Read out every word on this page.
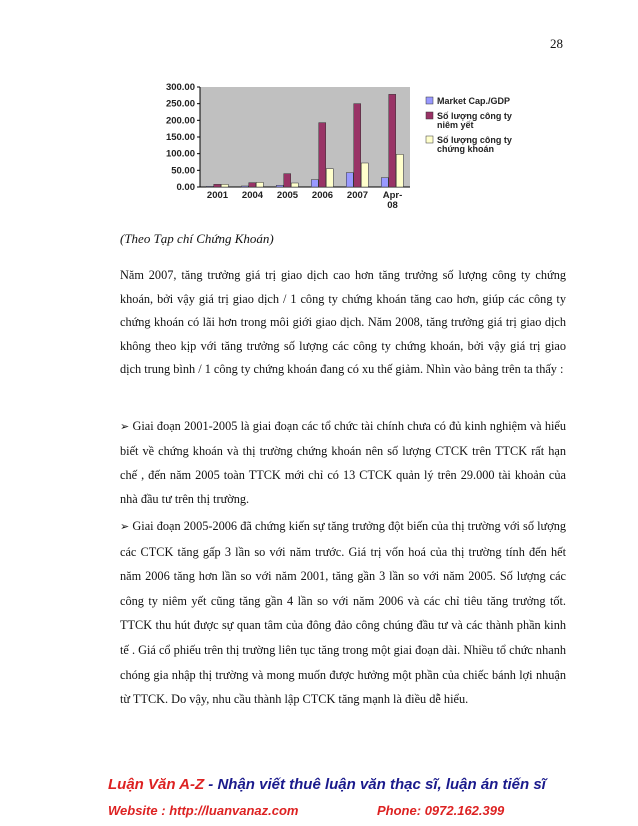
28
0.00
50.00
100.00
150.00
200.00
250.00
300.00
2001 2004 2005 2006 2007 Apr-
08
Market Cap./GDP
Số lượng công ty
niêm yết
Số lượng công ty
chứng khoán
(Theo Tạp chí Chứng Khoán)

Năm 2007, tăng trưởng giá trị giao dịch cao hơn tăng trưởng số lượng công ty chứng khoán, bởi vậy giá trị giao dịch / 1 công ty chứng khoán tăng cao hơn, giúp các công ty chứng khoán có lãi hơn trong môi giới giao dịch. Năm 2008, tăng trưởng giá trị giao dịch không theo kịp với tăng trưởng số lượng các công ty chứng khoán, bởi vậy giá trị giao dịch trung bình / 1 công ty chứng khoán đang có xu thế giảm. Nhìn vào bảng trên ta thấy :

➢ Giai đoạn 2001-2005 là giai đoạn các tổ chức tài chính chưa có đủ kinh nghiệm và hiểu biết về chứng khoán và thị trường chứng khoán nên số lượng CTCK trên TTCK rất hạn chế , đến năm 2005 toàn TTCK mới chỉ có 13 CTCK quản lý trên 29.000 tài khoản của nhà đầu tư trên thị trường.

➢ Giai đoạn 2005-2006 đã chứng kiến sự tăng trưởng đột biến của thị trường với số lượng các CTCK tăng gấp 3 lần so với năm trước. Giá trị vốn hoá của thị trường tính đến hết năm 2006 tăng hơn lần so với năm 2001, tăng gần 3 lần so với năm 2005. Số lượng các công ty niêm yết cũng tăng gần 4 lần so với năm 2006 và các chỉ tiêu tăng trưởng tốt. TTCK thu hút được sự quan tâm của đông đảo công chúng đầu tư và các thành phần kinh tế . Giá cổ phiếu trên thị trường liên tục tăng trong một giai đoạn dài. Nhiều tổ chức nhanh chóng gia nhập thị trường và mong muốn được hưởng một phần của chiếc bánh lợi nhuận từ TTCK. Do vậy, nhu cầu thành lập CTCK tăng mạnh là điều dễ hiểu.

Luận Văn A-Z - Nhận viết thuê luận văn thạc sĩ, luận án tiến sĩ
Website : http://luanvanaz.com	Phone: 0972.162.399
